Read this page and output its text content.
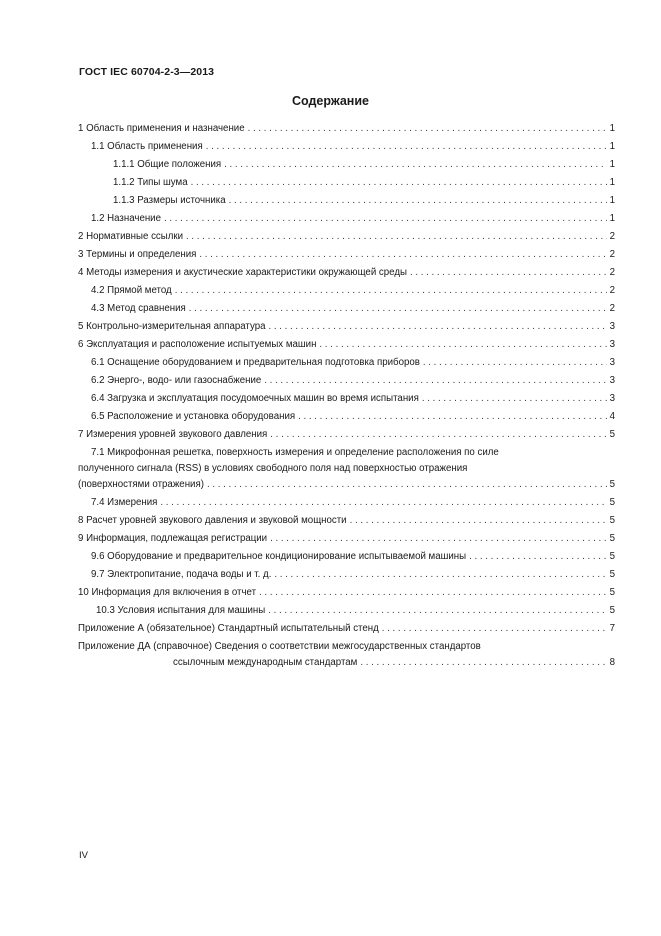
ГОСТ IEC 60704-2-3—2013
Содержание
1 Область применения и назначение . . .	1
1.1 Область применения . . .	1
1.1.1 Общие положения . . .	1
1.1.2 Типы шума . . .	1
1.1.3 Размеры источника . . .	1
1.2 Назначение . . .	1
2 Нормативные ссылки . . .	2
3 Термины и определения . . .	2
4 Методы измерения и акустические характеристики окружающей среды . . .	2
4.2 Прямой метод . . .	2
4.3 Метод сравнения . . .	2
5 Контрольно-измерительная аппаратура . . .	3
6 Эксплуатация и расположение испытуемых машин . . .	3
6.1 Оснащение оборудованием и предварительная подготовка приборов . . .	3
6.2 Энерго-, водо- или газоснабжение . . .	3
6.4 Загрузка и эксплуатация посудомоечных машин во время испытания . . .	3
6.5 Расположение и установка оборудования . . .	4
7 Измерения уровней звукового давления . . .	5
7.1 Микрофонная решетка, поверхность измерения и определение расположения по силе
полученного сигнала (RSS) в условиях свободного поля над поверхностью отражения
(поверхностями отражения) . . .	5
7.4 Измерения . . .	5
8 Расчет уровней звукового давления и звуковой мощности . . .	5
9 Информация, подлежащая регистрации . . .	5
9.6 Оборудование и предварительное кондиционирование испытываемой машины . . .	5
9.7 Электропитание, подача воды и т. д. . . .	5
10 Информация для включения в отчет . . .	5
10.3 Условия испытания для машины . . .	5
Приложение А (обязательное) Стандартный испытательный стенд . . .	7
Приложение ДА (справочное) Сведения о соответствии межгосударственных стандартов
ссылочным международным стандартам . . .	8
IV
